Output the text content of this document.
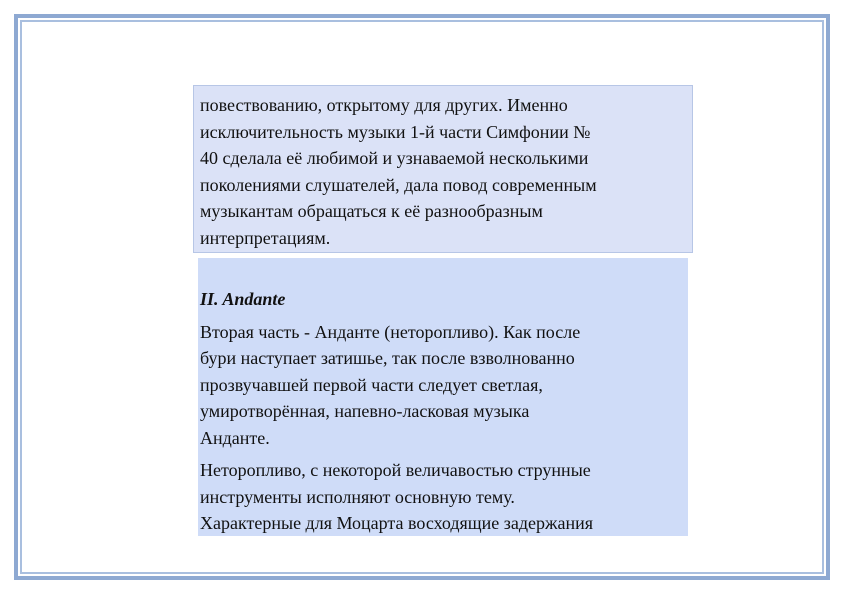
повествованию, открытому для других. Именно
исключительность музыки 1-й части Симфонии №
40 сделала её любимой и узнаваемой несколькими
поколениями слушателей, дала повод современным
музыкантам обращаться к её разнообразным
интерпретациям.
II. Andante
Вторая часть - Анданте (неторопливо). Как после
бури наступает затишье, так после взволнованно
прозвучавшей первой части следует светлая,
умиротворённая, напевно-ласковая музыка
Анданте.
Неторопливо, с некоторой величавостью струнные
инструменты исполняют основную тему.
Характерные для Моцарта восходящие задержания
